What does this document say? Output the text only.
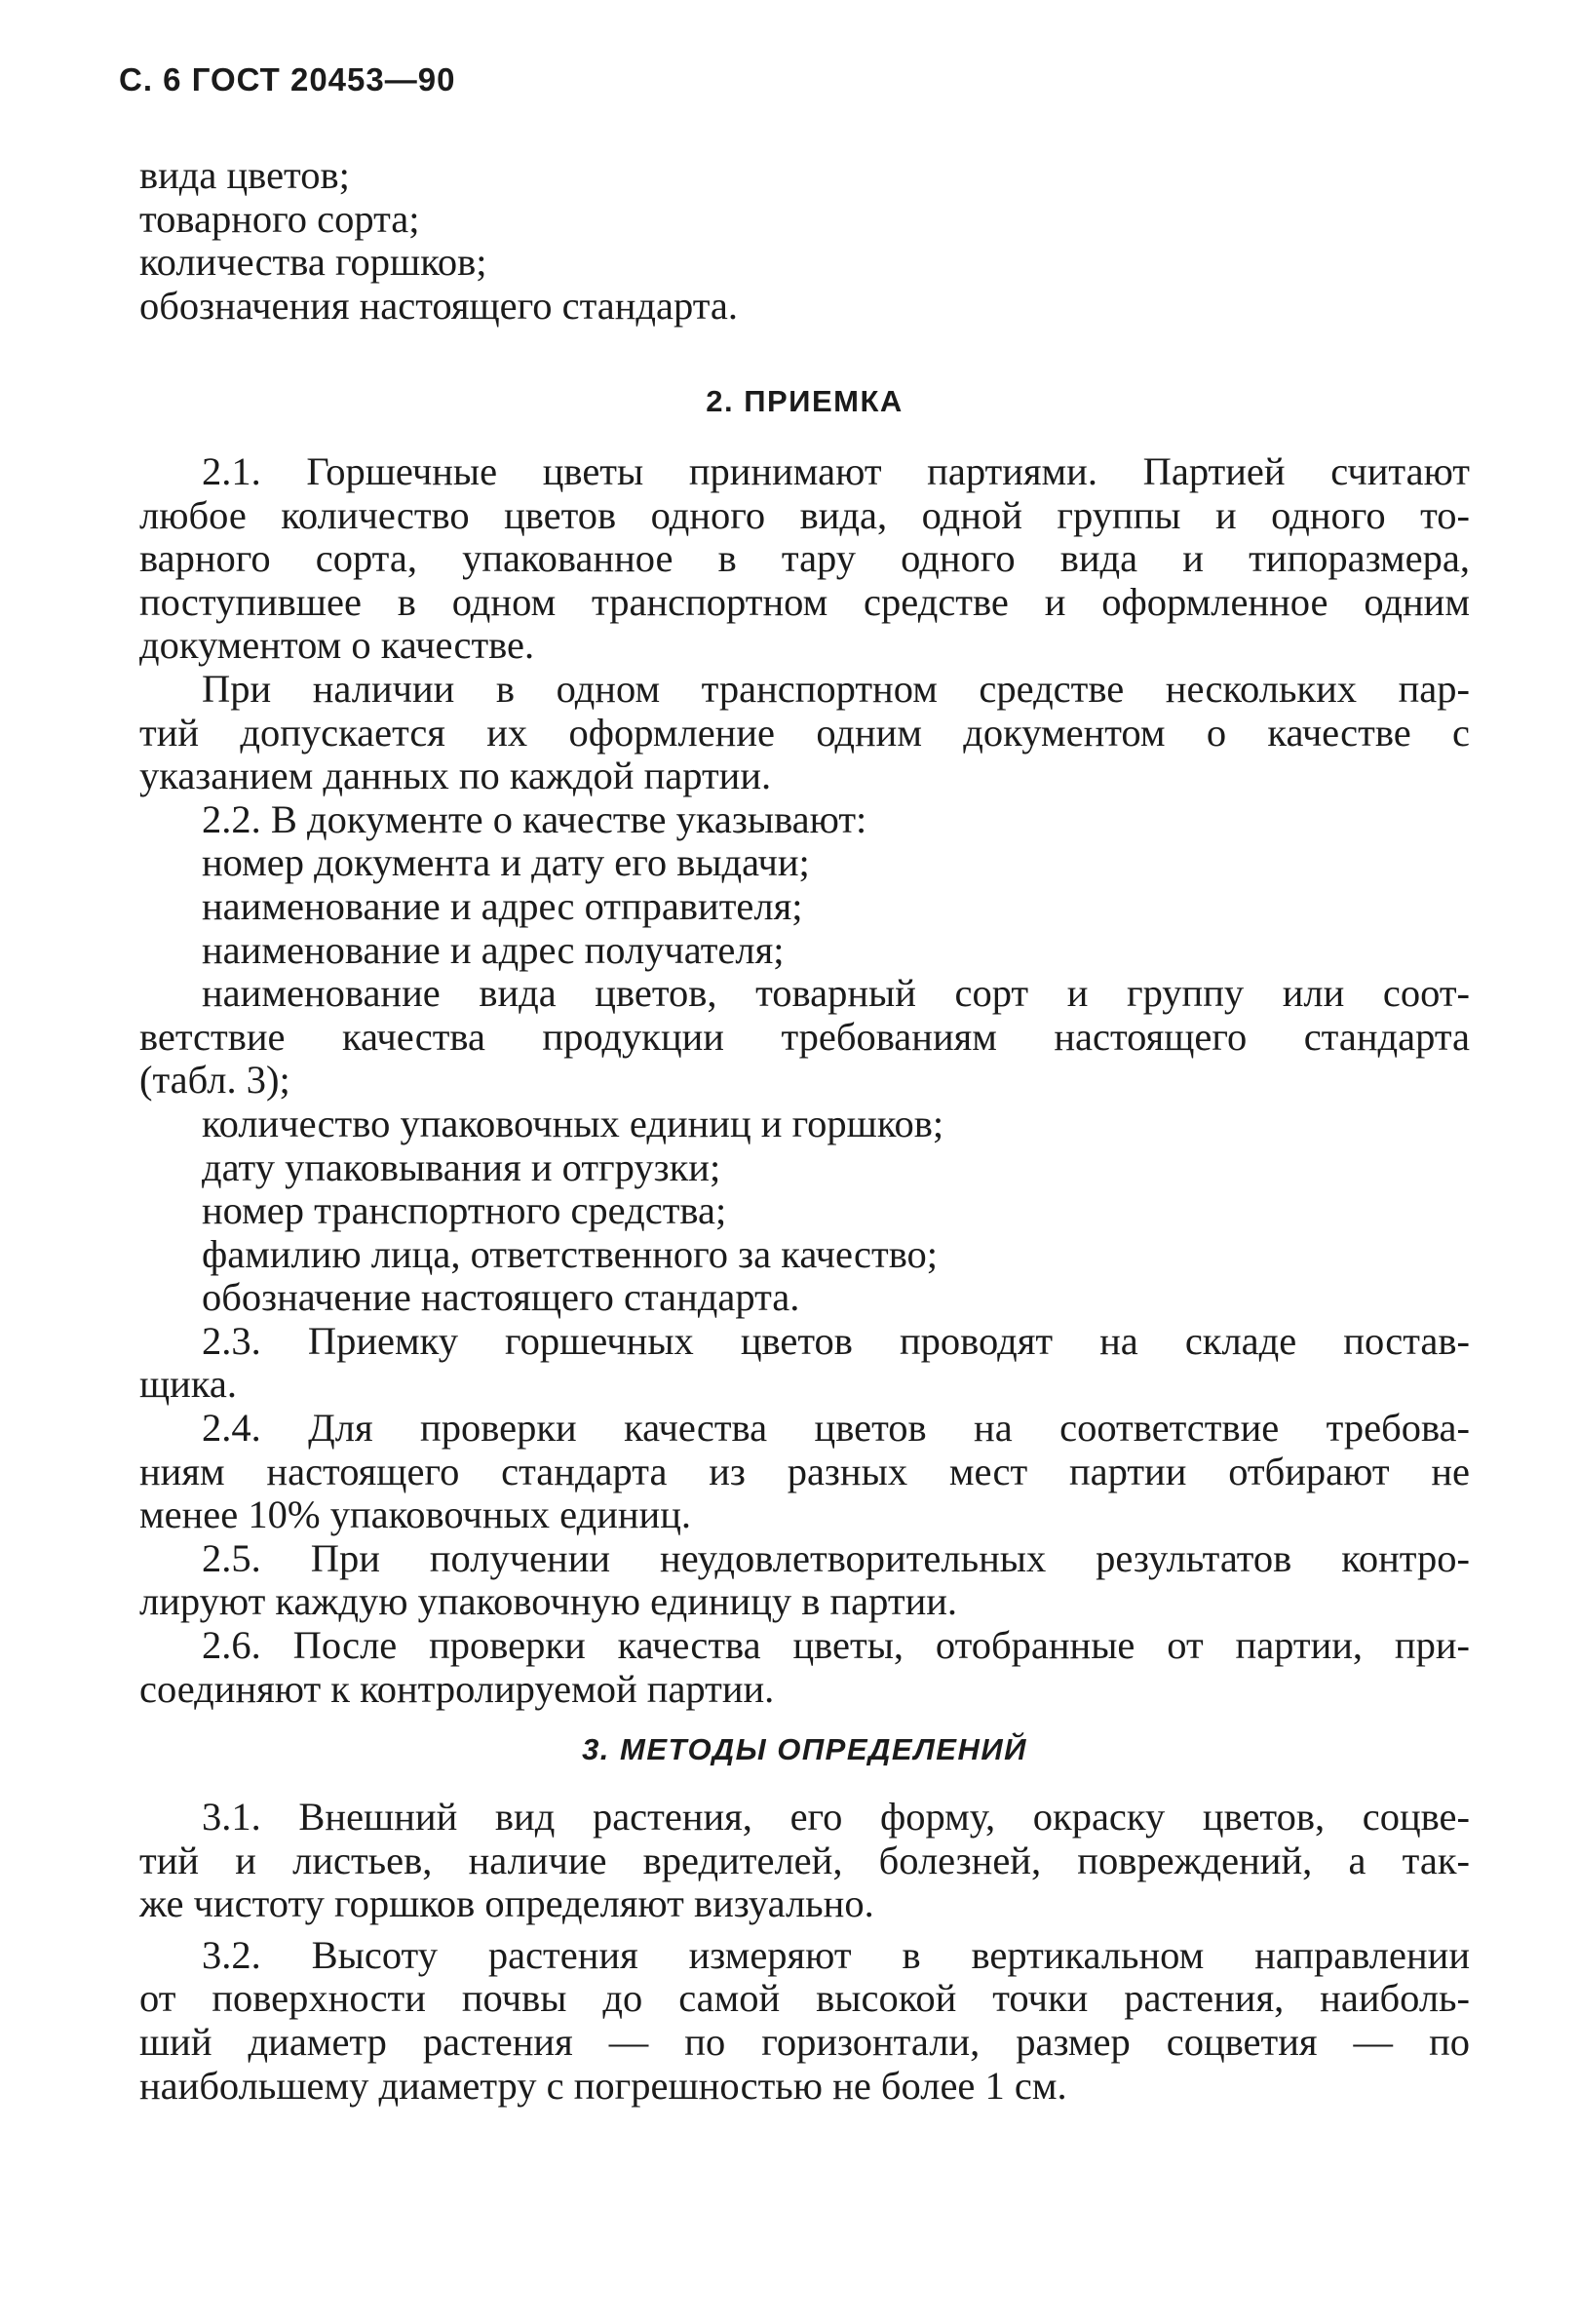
С. 6 ГОСТ 20453—90
вида цветов;
товарного сорта;
количества горшков;
обозначения настоящего стандарта.
2. ПРИЕМКА
2.1. Горшечные цветы принимают партиями. Партией считают
любое количество цветов одного вида, одной группы и одного то-
варного сорта, упакованное в тару одного вида и типоразмера,
поступившее в одном транспортном средстве и оформленное одним
документом о качестве.
При наличии в одном транспортном средстве нескольких пар-
тий допускается их оформление одним документом о качестве с
указанием данных по каждой партии.
2.2. В документе о качестве указывают:
номер документа и дату его выдачи;
наименование и адрес отправителя;
наименование и адрес получателя;
наименование вида цветов, товарный сорт и группу или соот-
ветствие качества продукции требованиям настоящего стандарта
(табл. 3);
количество упаковочных единиц и горшков;
дату упаковывания и отгрузки;
номер транспортного средства;
фамилию лица, ответственного за качество;
обозначение настоящего стандарта.
2.3. Приемку горшечных цветов проводят на складе постав-
щика.
2.4. Для проверки качества цветов на соответствие требова-
ниям настоящего стандарта из разных мест партии отбирают не
менее 10% упаковочных единиц.
2.5. При получении неудовлетворительных результатов контро-
лируют каждую упаковочную единицу в партии.
2.6. После проверки качества цветы, отобранные от партии, при-
соединяют к контролируемой партии.
3. МЕТОДЫ ОПРЕДЕЛЕНИЙ
3.1. Внешний вид растения, его форму, окраску цветов, соцве-
тий и листьев, наличие вредителей, болезней, повреждений, а так-
же чистоту горшков определяют визуально.
3.2. Высоту растения измеряют в вертикальном направлении
от поверхности почвы до самой высокой точки растения, наиболь-
ший диаметр растения — по горизонтали, размер соцветия — по
наибольшему диаметру с погрешностью не более 1 см.
